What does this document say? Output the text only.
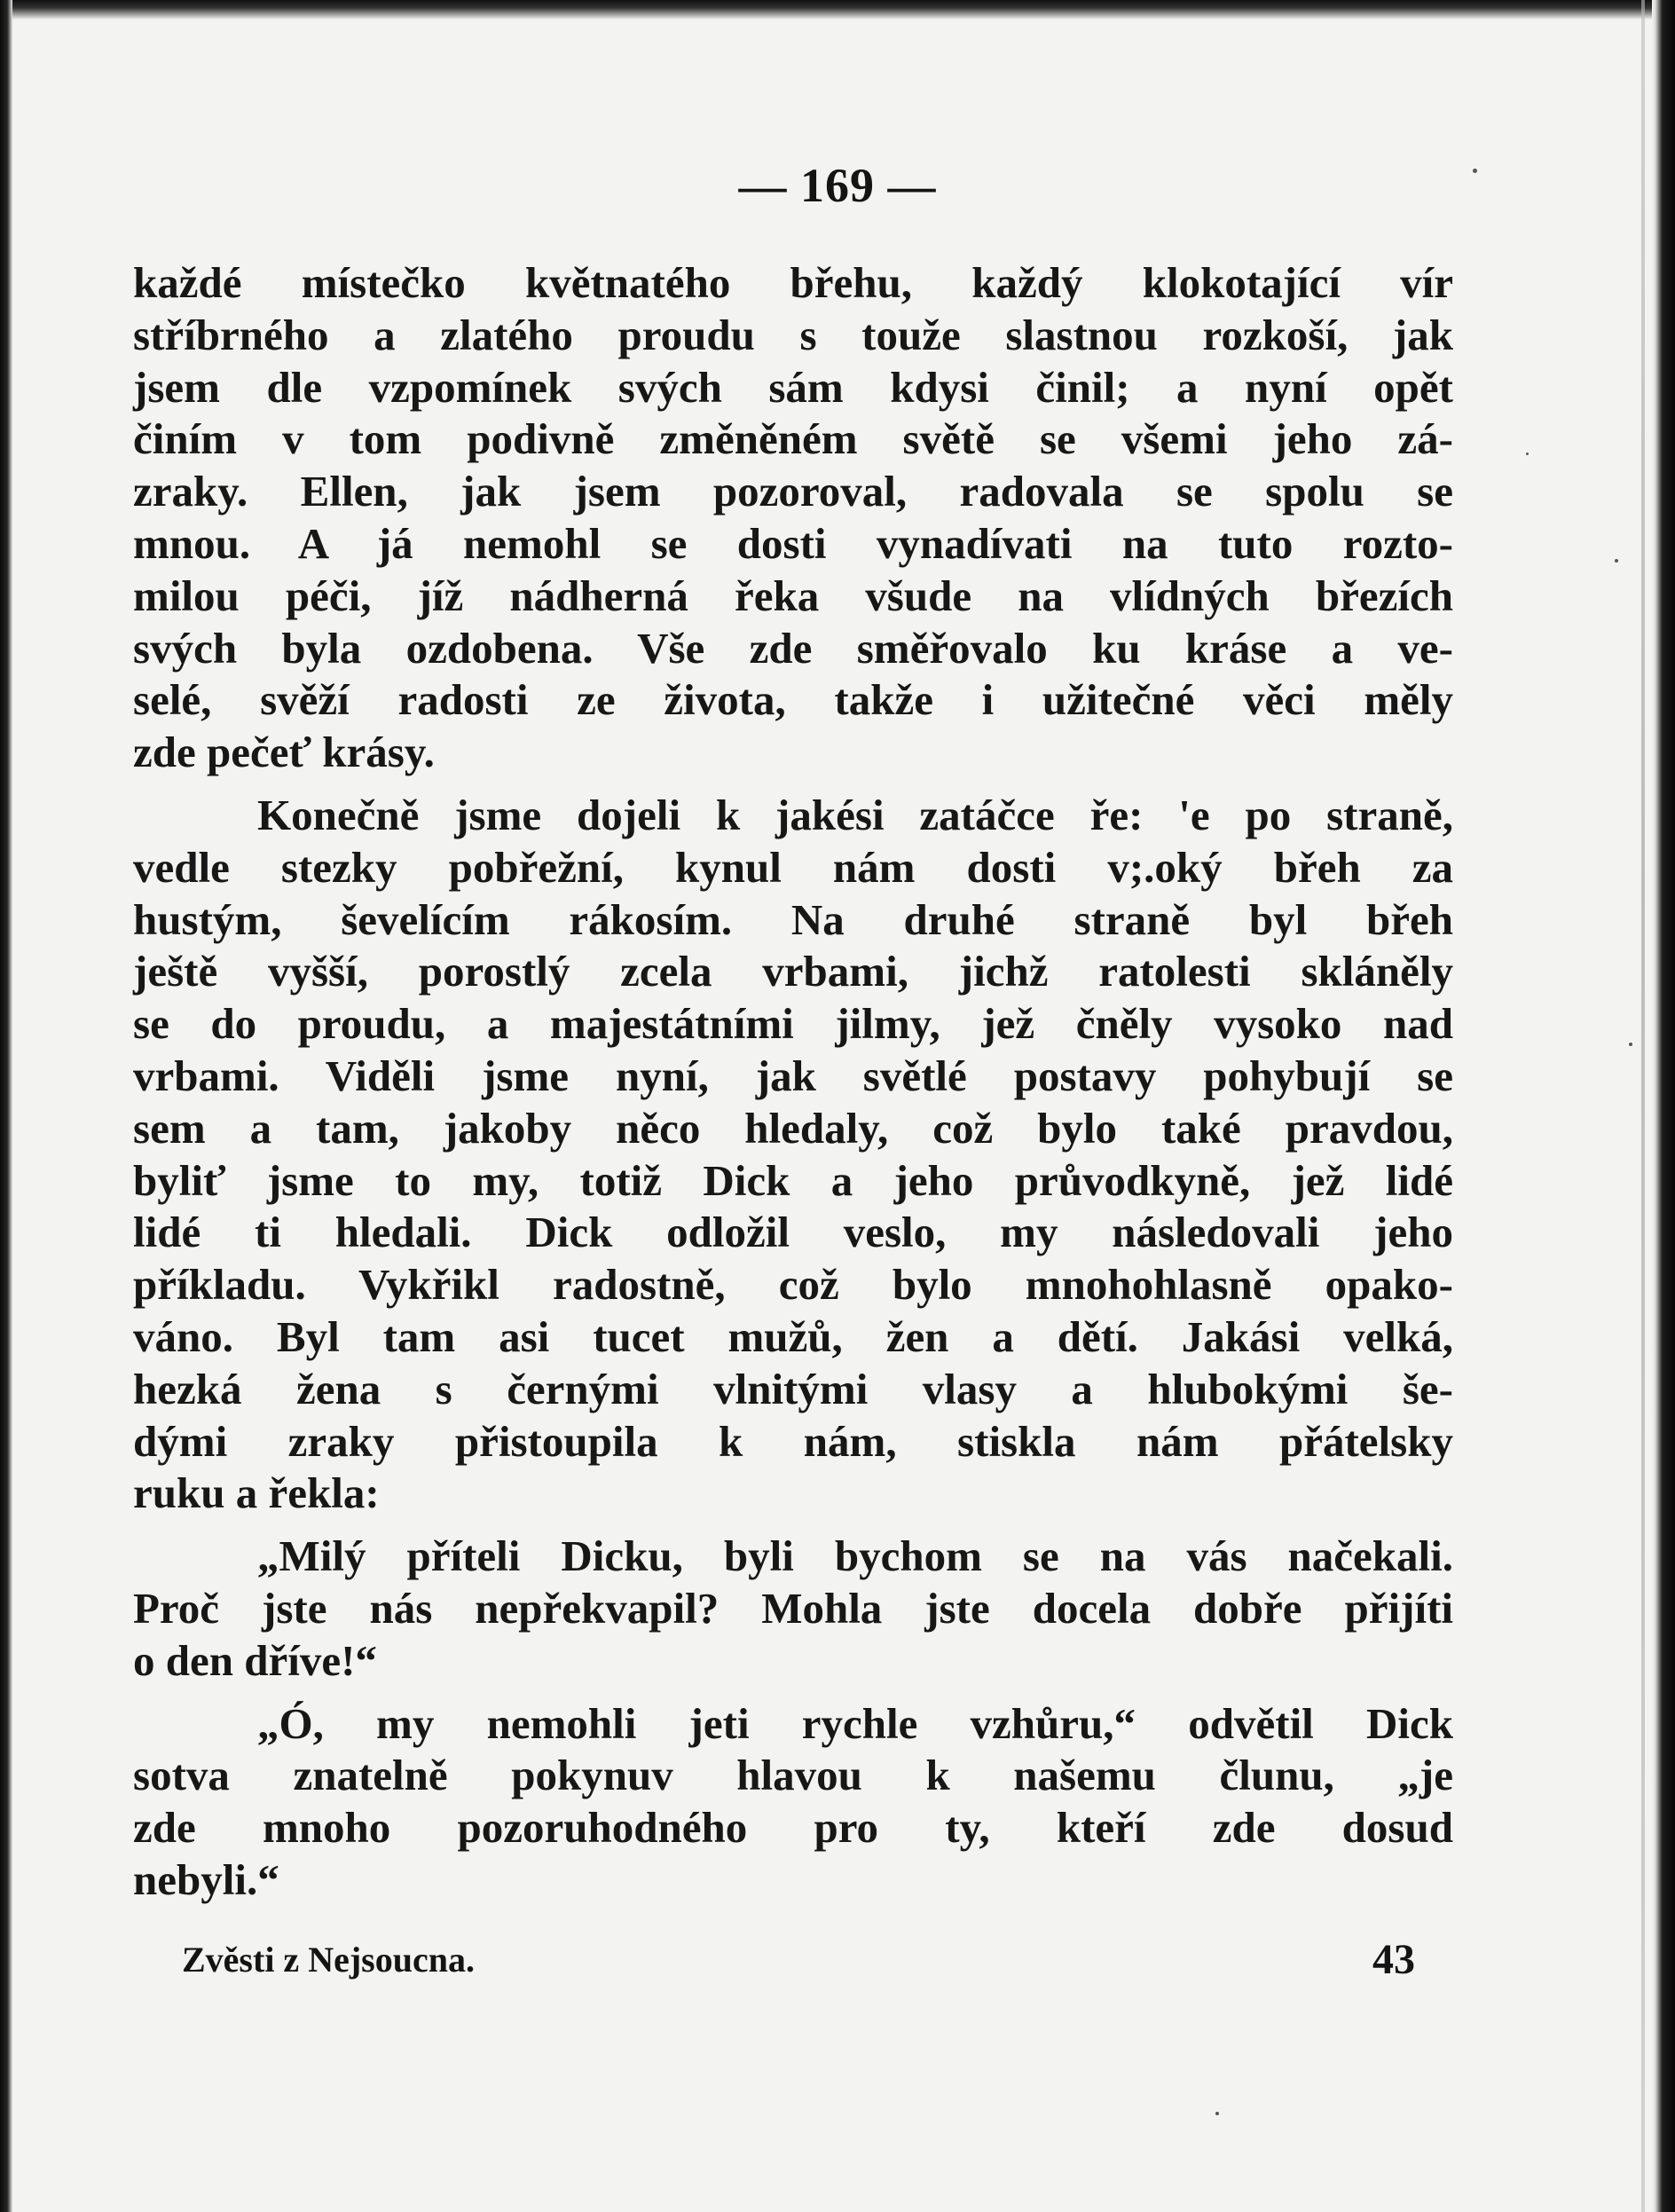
— 169 —
každé místečko květnatého břehu, každý klokotající vír
stříbrného a zlatého proudu s touže slastnou rozkoší, jak
jsem dle vzpomínek svých sám kdysi činil; a nyní opět
činím v tom podivně změněném světě se všemi jeho zá-
zraky. Ellen, jak jsem pozoroval, radovala se spolu se
mnou. A já nemohl se dosti vynadívati na tuto rozto-
milou péči, jíž nádherná řeka všude na vlídných březích
svých byla ozdobena. Vše zde směřovalo ku kráse a ve-
selé, svěží radosti ze života, takže i užitečné věci měly
zde pečeť krásy.
Konečně jsme dojeli k jakési zatáčce ře: 'e po straně,
vedle stezky pobřežní, kynul nám dosti v;.oký břeh za
hustým, ševelícím rákosím. Na druhé straně byl břeh
ještě vyšší, porostlý zcela vrbami, jichž ratolesti skláněly
se do proudu, a majestátními jilmy, jež čněly vysoko nad
vrbami. Viděli jsme nyní, jak světlé postavy pohybují se
sem a tam, jakoby něco hledaly, což bylo také pravdou,
byliť jsme to my, totiž Dick a jeho průvodkyně, jež lidé
lidé ti hledali. Dick odložil veslo, my následovali jeho
příkladu. Vykřikl radostně, což bylo mnohohlasně opako-
váno. Byl tam asi tucet mužů, žen a dětí. Jakási velká,
hezká žena s černými vlnitými vlasy a hlubokými še-
dými zraky přistoupila k nám, stiskla nám přátelsky
ruku a řekla:
„Milý příteli Dicku, byli bychom se na vás načekali.
Proč jste nás nepřekvapil? Mohla jste docela dobře přijíti
o den dříve!“
„Ó, my nemohli jeti rychle vzhůru,“ odvětil Dick
sotva znatelně pokynuv hlavou k našemu člunu, „je
zde mnoho pozoruhodného pro ty, kteří zde dosud
nebyli.“
Zvěsti z Nejsoucna.	43
